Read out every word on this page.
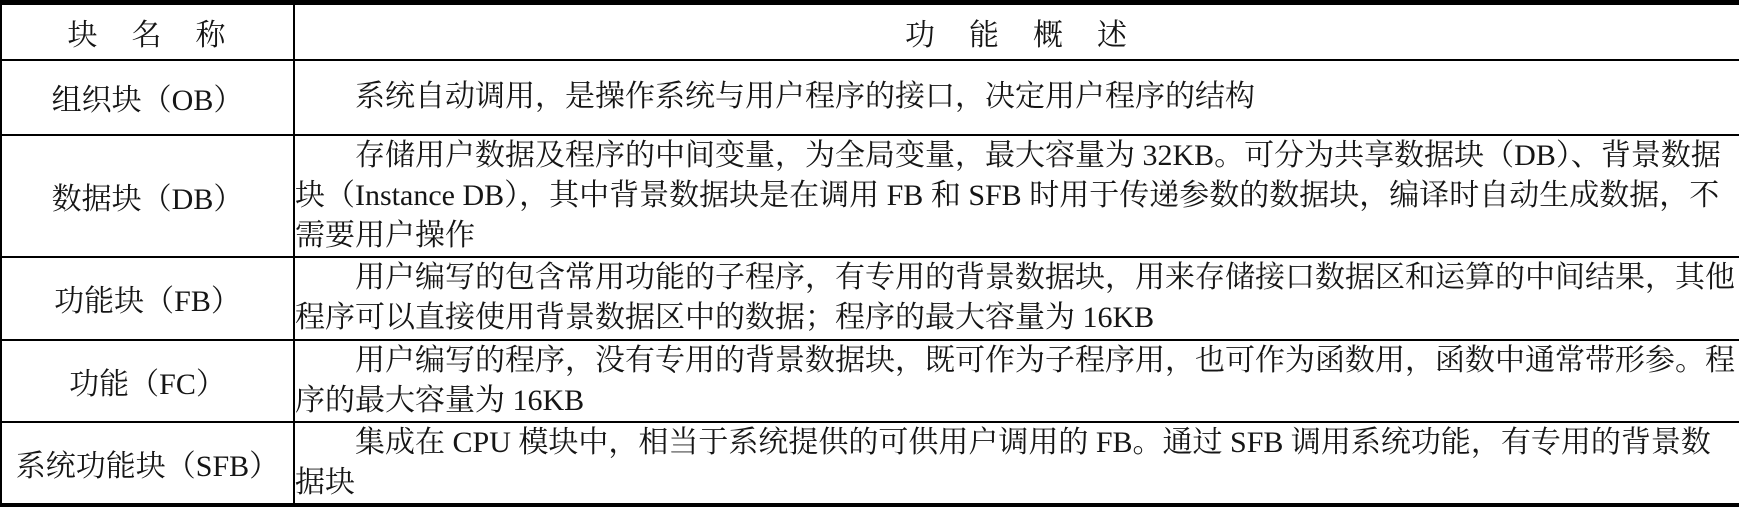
块　名　称	功　能　概　述
组织块（OB）	系统自动调用，是操作系统与用户程序的接口，决定用户程序的结构
数据块（DB）	存储用户数据及程序的中间变量，为全局变量，最大容量为 32KB。可分为共享数据块（DB）、背景数据块（Instance DB），其中背景数据块是在调用 FB 和 SFB 时用于传递参数的数据块，编译时自动生成数据，不需要用户操作
功能块（FB）	用户编写的包含常用功能的子程序，有专用的背景数据块，用来存储接口数据区和运算的中间结果，其他程序可以直接使用背景数据区中的数据；程序的最大容量为 16KB
功能（FC）	用户编写的程序，没有专用的背景数据块，既可作为子程序用，也可作为函数用，函数中通常带形参。程序的最大容量为 16KB
系统功能块（SFB）	集成在 CPU 模块中，相当于系统提供的可供用户调用的 FB。通过 SFB 调用系统功能，有专用的背景数据块
